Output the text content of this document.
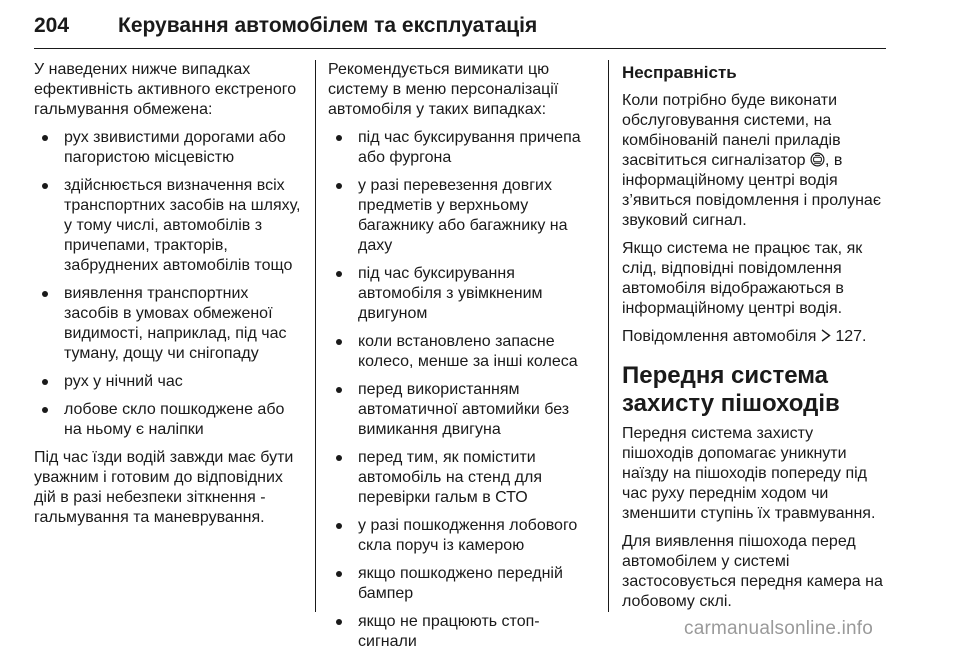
204 Керування автомобілем та експлуатація

У наведених нижче випадках ефективність активного екстреного гальмування обмежена:

рух звивистими дорогами або пагористою місцевістю
здійснюється визначення всіх транспортних засобів на шляху, у тому числі, автомобілів з причепами, тракторів, забруднених автомобілів тощо
виявлення транспортних засобів в умовах обмеженої видимості, наприклад, під час туману, дощу чи снігопаду
рух у нічний час
лобове скло пошкоджене або на ньому є наліпки

Під час їзди водій завжди має бути уважним і готовим до відповідних дій в разі небезпеки зіткнення - гальмування та маневрування.

Рекомендується вимикати цю систему в меню персоналізації автомобіля у таких випадках:

під час буксирування причепа або фургона
у разі перевезення довгих предметів у верхньому багажнику або багажнику на даху
під час буксирування автомобіля з увімкненим двигуном
коли встановлено запасне колесо, менше за інші колеса
перед використанням автоматичної автомийки без вимикання двигуна
перед тим, як помістити автомобіль на стенд для перевірки гальм в СТО
у разі пошкодження лобового скла поруч із камерою
якщо пошкоджено передній бампер
якщо не працюють стоп-сигнали
Несправність

Коли потрібно буде виконати обслуговування системи, на комбінованій панелі приладів засвітиться сигналізатор , в інформаційному центрі водія з’явиться повідомлення і пролунає звуковий сигнал.

Якщо система не працює так, як слід, відповідні повідомлення автомобіля відображаються в інформаційному центрі водія.

Повідомлення автомобіля 127.

Передня система захисту пішоходів

Передня система захисту пішоходів допомагає уникнути наїзду на пішоходів попереду під час руху переднім ходом чи зменшити ступінь їх травмування.

Для виявлення пішохода перед автомобілем у системі застосовується передня камера на лобовому склі.

carmanualsonline.info
